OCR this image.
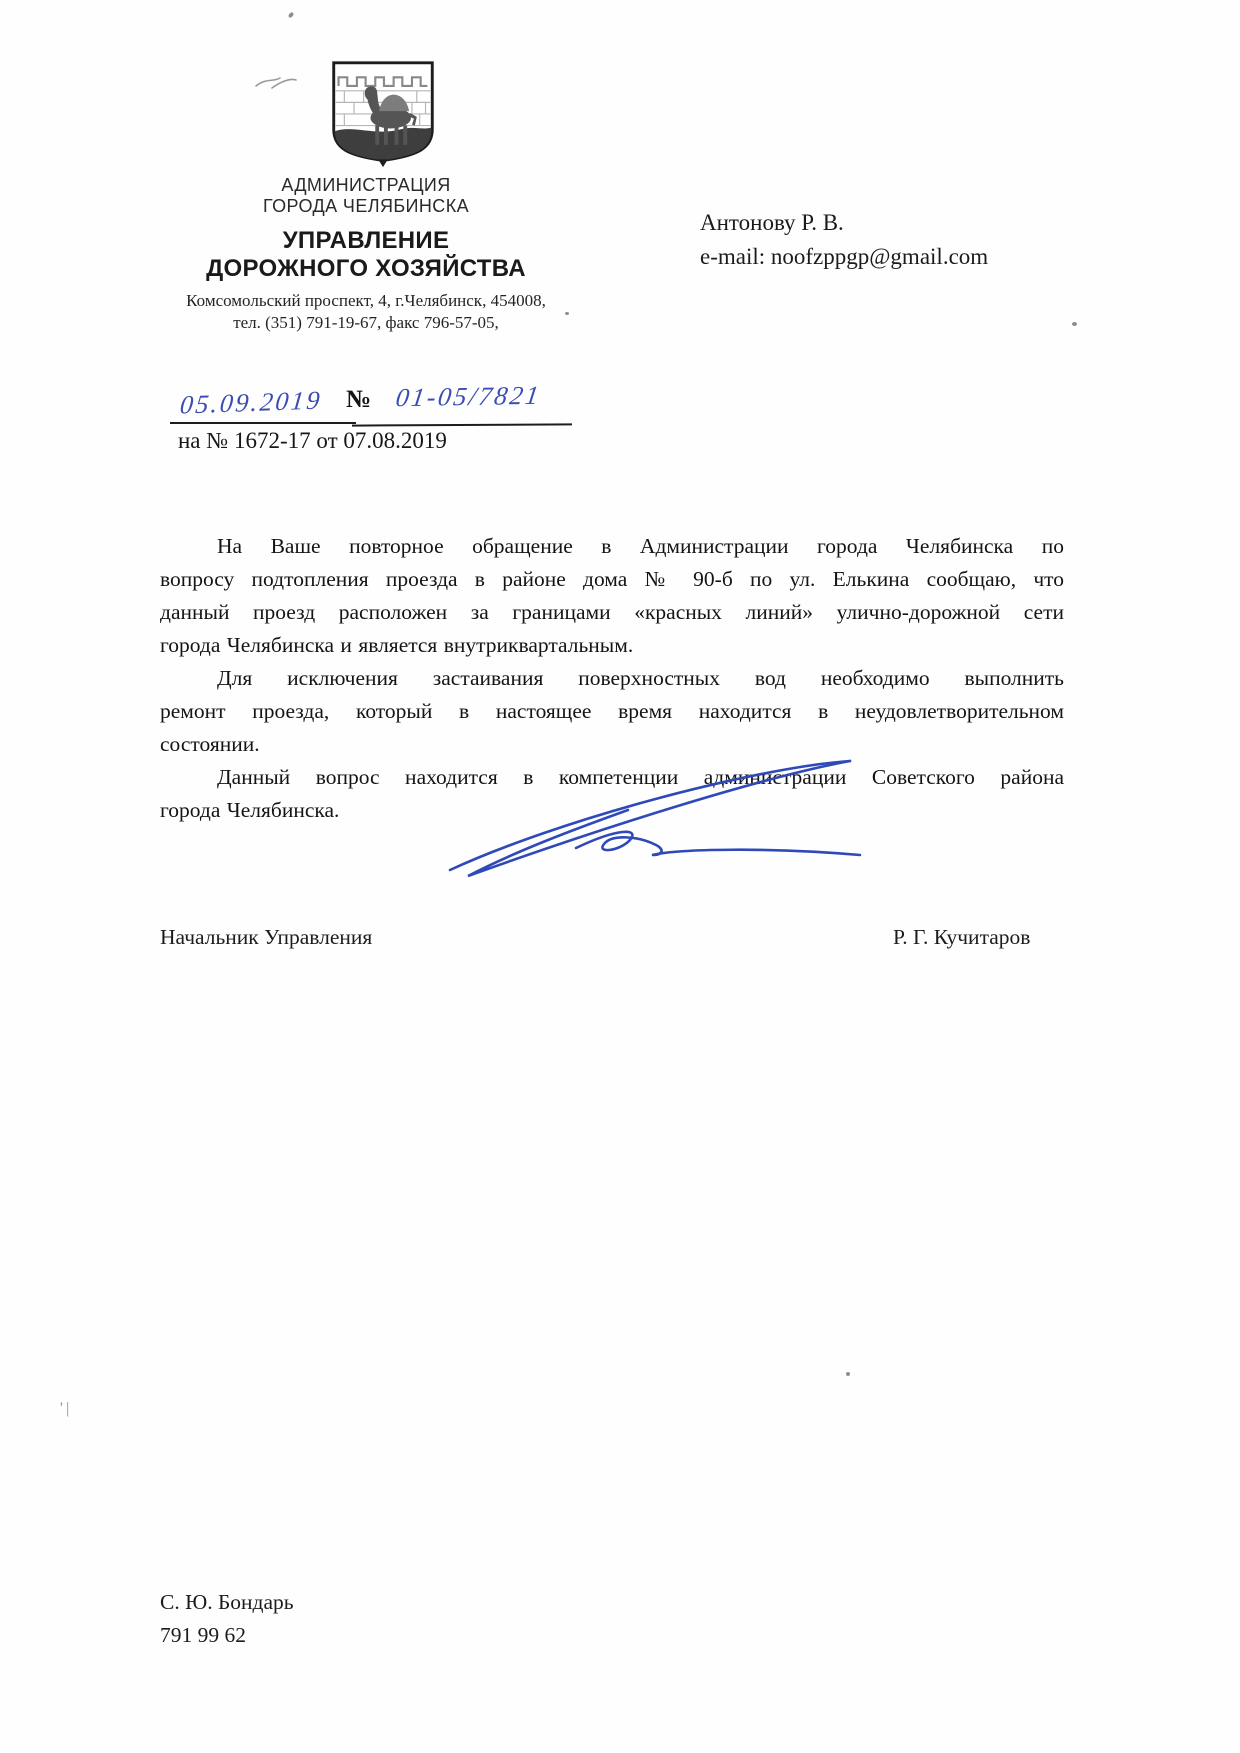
АДМИНИСТРАЦИЯ
ГОРОДА ЧЕЛЯБИНСКА
УПРАВЛЕНИЕ
ДОРОЖНОГО ХОЗЯЙСТВА
Комсомольский проспект, 4, г.Челябинск, 454008,
тел. (351) 791-19-67, факс 796-57-05,
Антонову Р. В.
e-mail: noofzppgp@gmail.com
05.09.2019 № 01-05/7821
на № 1672-17 от 07.08.2019
На Ваше повторное обращение в Администрации города Челябинска по
вопросу подтопления проезда в районе дома № 90-б по ул. Елькина сообщаю, что
данный проезд расположен за границами «красных линий» улично-дорожной сети
города Челябинска и является внутриквартальным.
Для исключения застаивания поверхностных вод необходимо выполнить
ремонт проезда, который в настоящее время находится в неудовлетворительном
состоянии.
Данный вопрос находится в компетенции администрации Советского района
города Челябинска.
Начальник Управления	Р. Г. Кучитаров
С. Ю. Бондарь
791 99 62
' |
